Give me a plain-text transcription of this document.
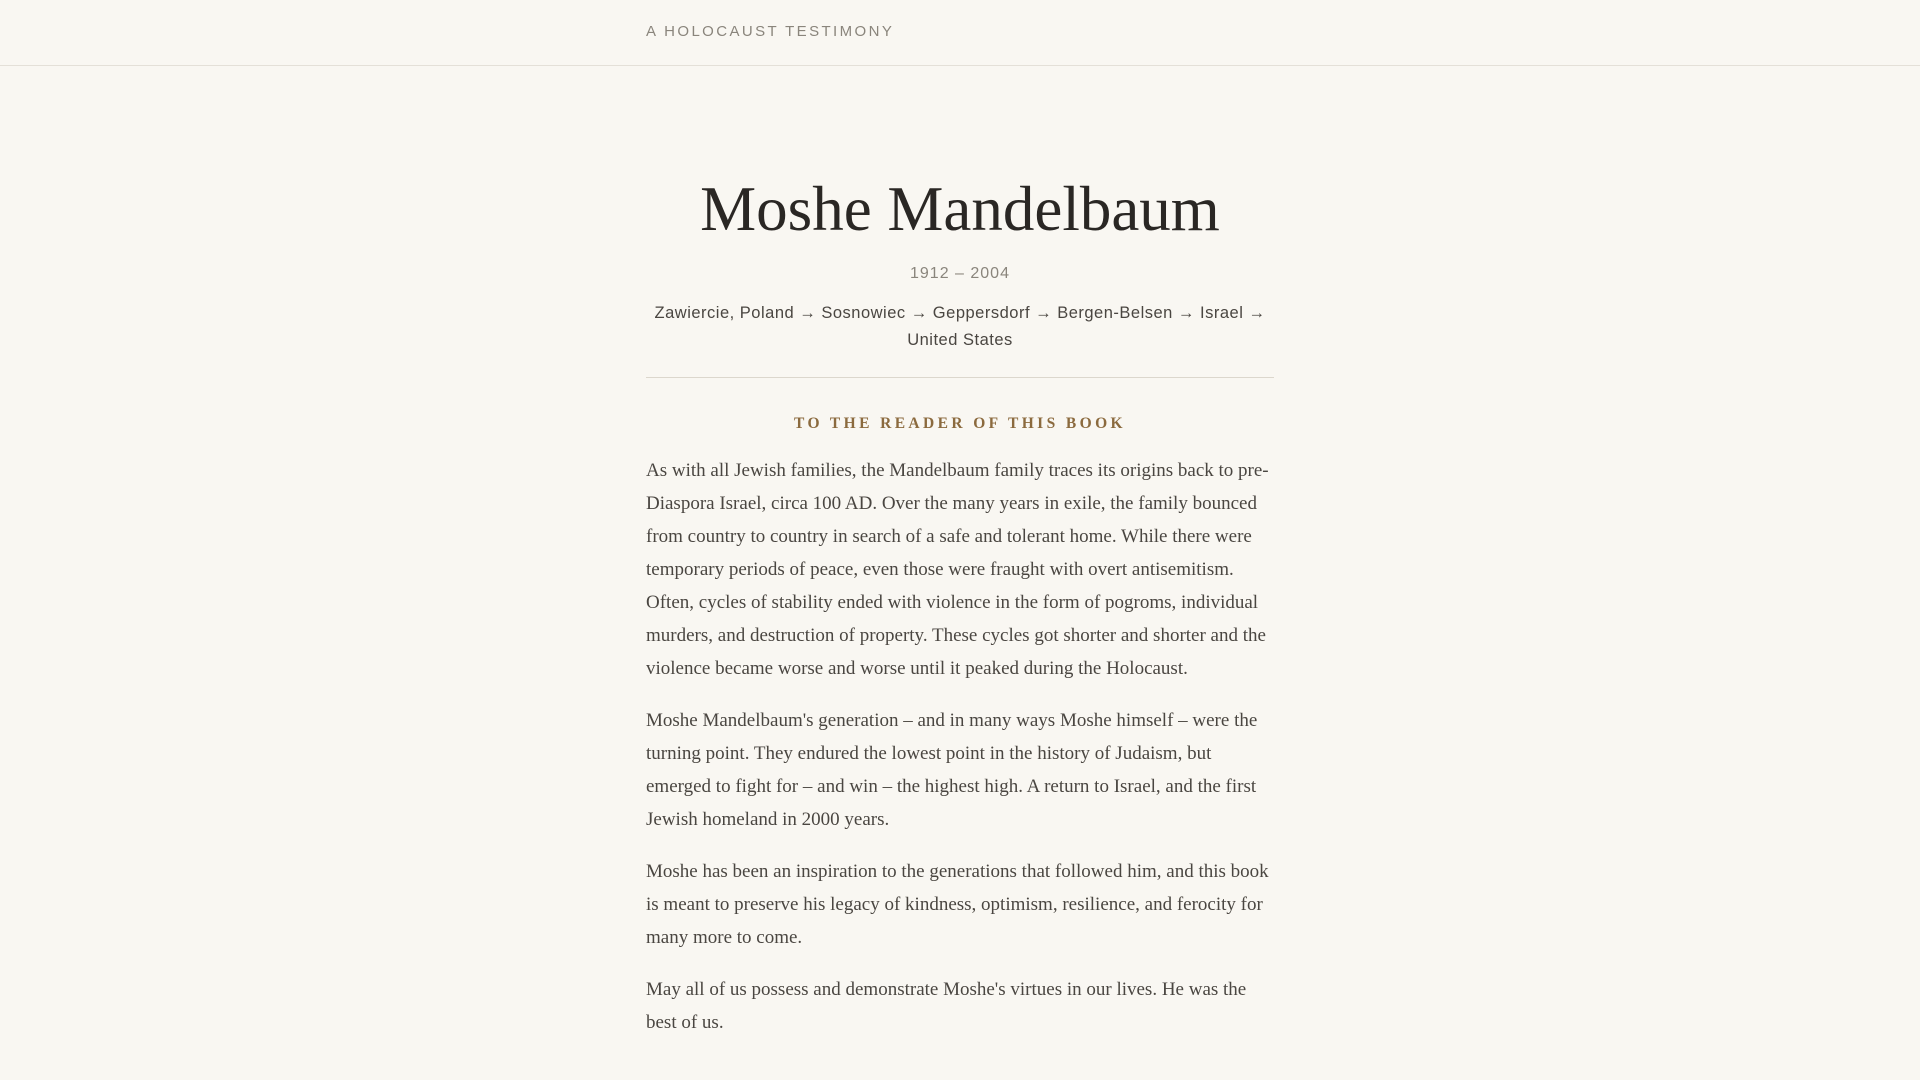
A HOLOCAUST TESTIMONY
Moshe Mandelbaum
1912 – 2004
Zawiercie, Poland → Sosnowiec → Geppersdorf → Bergen-Belsen → Israel → United States
TO THE READER OF THIS BOOK

As with all Jewish families, the Mandelbaum family traces its origins back to pre-Diaspora Israel, circa 100 AD. Over the many years in exile, the family bounced from country to country in search of a safe and tolerant home. While there were temporary periods of peace, even those were fraught with overt antisemitism. Often, cycles of stability ended with violence in the form of pogroms, individual murders, and destruction of property. These cycles got shorter and shorter and the violence became worse and worse until it peaked during the Holocaust.

Moshe Mandelbaum's generation – and in many ways Moshe himself – were the turning point. They endured the lowest point in the history of Judaism, but emerged to fight for – and win – the highest high. A return to Israel, and the first Jewish homeland in 2000 years.

Moshe has been an inspiration to the generations that followed him, and this book is meant to preserve his legacy of kindness, optimism, resilience, and ferocity for many more to come.

May all of us possess and demonstrate Moshe's virtues in our lives. He was the best of us.
